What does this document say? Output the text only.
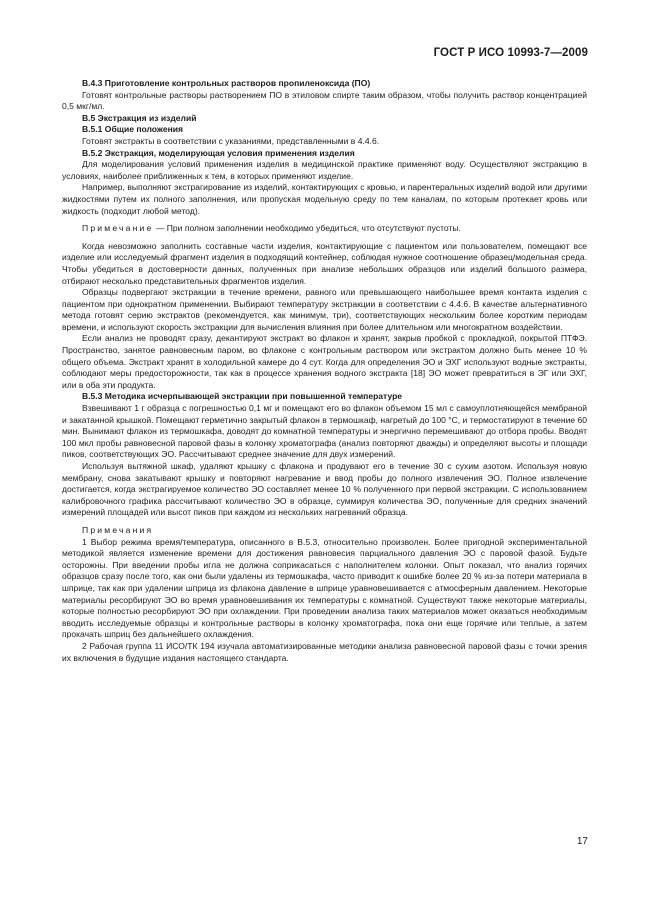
ГОСТ Р ИСО 10993-7—2009

В.4.3 Приготовление контрольных растворов пропиленоксида (ПО)

Готовят контрольные растворы растворением ПО в этиловом спирте таким образом, чтобы получить раствор концентрацией 0,5 мкг/мл.

В.5 Экстракция из изделий

В.5.1 Общие положения

Готовят экстракты в соответствии с указаниями, представленными в 4.4.6.

В.5.2 Экстракция, моделирующая условия применения изделия

Для моделирования условий применения изделия в медицинской практике применяют воду. Осуществляют экстракцию в условиях, наиболее приближенных к тем, в которых применяют изделие.

Например, выполняют экстрагирование из изделий, контактирующих с кровью, и парентеральных изделий водой или другими жидкостями путем их полного заполнения, или пропуская модельную среду по тем каналам, по которым протекает кровь или жидкость (подходит любой метод).

Примечание — При полном заполнении необходимо убедиться, что отсутствуют пустоты.

Когда невозможно заполнить составные части изделия, контактирующие с пациентом или пользователем, помещают все изделие или исследуемый фрагмент изделия в подходящий контейнер, соблюдая нужное соотношение образец/модельная среда. Чтобы убедиться в достоверности данных, полученных при анализе небольших образцов или изделий большого размера, отбирают несколько представительных фрагментов изделия.

Образцы подвергают экстракции в течение времени, равного или превышающего наибольшее время контакта изделия с пациентом при однократном применении. Выбирают температуру экстракции в соответствии с 4.4.6. В качестве альтернативного метода готовят серию экстрактов (рекомендуется, как минимум, три), соответствующих нескольким более коротким периодам времени, и используют скорость экстракции для вычисления влияния при более длительном или многократном воздействии.

Если анализ не проводят сразу, декантируют экстракт во флакон и хранят, закрыв пробкой с прокладкой, покрытой ПТФЭ. Пространство, занятое равновесным паром, во флаконе с контрольным раствором или экстрактом должно быть менее 10 % общего объема. Экстракт хранят в холодильной камере до 4 сут. Когда для определения ЭО и ЭХГ используют водные экстракты, соблюдают меры предосторожности, так как в процессе хранения водного экстракта [18] ЭО может превратиться в ЭГ или ЭХГ, или в оба эти продукта.

В.5.3 Методика исчерпывающей экстракции при повышенной температуре

Взвешивают 1 г образца с погрешностью 0,1 мг и помещают его во флакон объемом 15 мл с самоуплотняющейся мембраной и закатанной крышкой. Помещают герметично закрытый флакон в термошкаф, нагретый до 100 °С, и термостатируют в течение 60 мин. Вынимают флакон из термошкафа, доводят до комнатной температуры и энергично перемешивают до отбора пробы. Вводят 100 мкл пробы равновесной паровой фазы в колонку хроматографа (анализ повторяют дважды) и определяют высоты и площади пиков, соответствующих ЭО. Рассчитывают среднее значение для двух измерений.

Используя вытяжной шкаф, удаляют крышку с флакона и продувают его в течение 30 с сухим азотом. Используя новую мембрану, снова закатывают крышку и повторяют нагревание и ввод пробы до полного извлечения ЭО. Полное извлечение достигается, когда экстрагируемое количество ЭО составляет менее 10 % полученного при первой экстракции. С использованием калибровочного графика рассчитывают количество ЭО в образце, суммируя количества ЭО, полученные для средних значений измерений площадей или высот пиков при каждом из нескольких нагреваний образца.

Примечания

1 Выбор режима время/температура, описанного в В.5.3, относительно произволен. Более пригодной экспериментальной методикой является изменение времени для достижения равновесия парциального давления ЭО с паровой фазой. Будьте осторожны. При введении пробы игла не должна соприкасаться с наполнителем колонки. Опыт показал, что анализ горячих образцов сразу после того, как они были удалены из термошкафа, часто приводит к ошибке более 20 % из-за потери материала в шприце, так как при удалении шприца из флакона давление в шприце уравновешивается с атмосферным давлением. Некоторые материалы ресорбируют ЭО во время уравновешивания их температуры с комнатной. Существуют также некоторые материалы, которые полностью ресорбируют ЭО при охлаждении. При проведении анализа таких материалов может оказаться необходимым вводить исследуемые образцы и контрольные растворы в колонку хроматографа, пока они еще горячие или теплые, а затем прокачать шприц без дальнейшего охлаждения.

2 Рабочая группа 11 ИСО/ТК 194 изучала автоматизированные методики анализа равновесной паровой фазы с точки зрения их включения в будущие издания настоящего стандарта.

17
